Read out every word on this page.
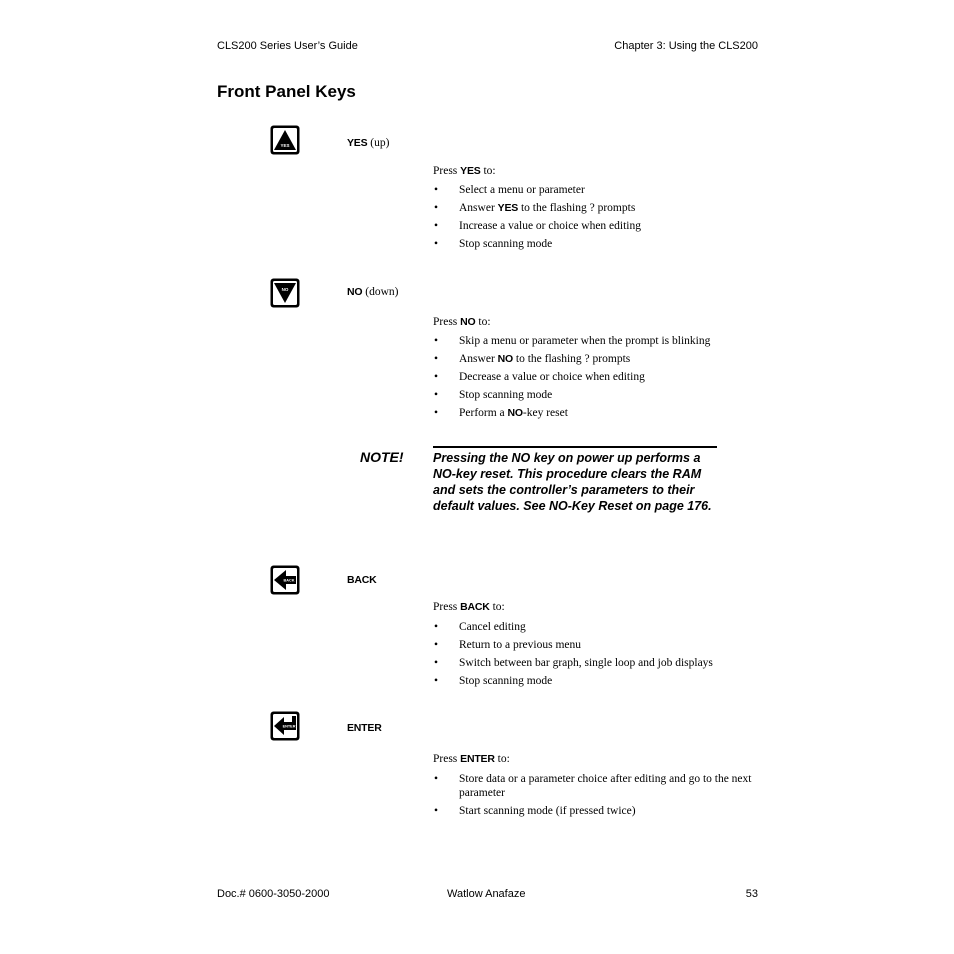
CLS200 Series User’s Guide	Chapter 3: Using the CLS200
Front Panel Keys
YES	YES (up)
Press YES to:
• Select a menu or parameter
• Answer YES to the flashing ? prompts
• Increase a value or choice when editing
• Stop scanning mode
NO	NO (down)
Press NO to:
• Skip a menu or parameter when the prompt is blinking
• Answer NO to the flashing ? prompts
• Decrease a value or choice when editing
• Stop scanning mode
• Perform a NO-key reset
NOTE! Pressing the NO key on power up performs a NO-key reset. This procedure clears the RAM and sets the controller’s parameters to their default values. See NO-Key Reset on page 176.
BACK	BACK
Press BACK to:
• Cancel editing
• Return to a previous menu
• Switch between bar graph, single loop and job displays
• Stop scanning mode
ENTER	ENTER
Press ENTER to:
• Store data or a parameter choice after editing and go to the next parameter
• Start scanning mode (if pressed twice)
Doc.# 0600-3050-2000	Watlow Anafaze	53
